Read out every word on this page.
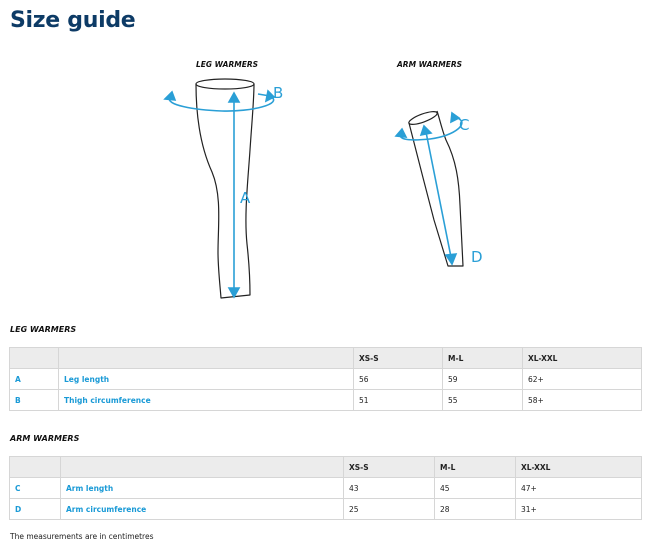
Size guide
LEG WARMERS	ARM WARMERS
A
B
C
D
LEG WARMERS
		XS-S	M-L	XL-XXL
A	Leg length	56	59	62+
B	Thigh circumference	51	55	58+
ARM WARMERS
		XS-S	M-L	XL-XXL
C	Arm length	43	45	47+
D	Arm circumference	25	28	31+
The measurements are in centimetres
